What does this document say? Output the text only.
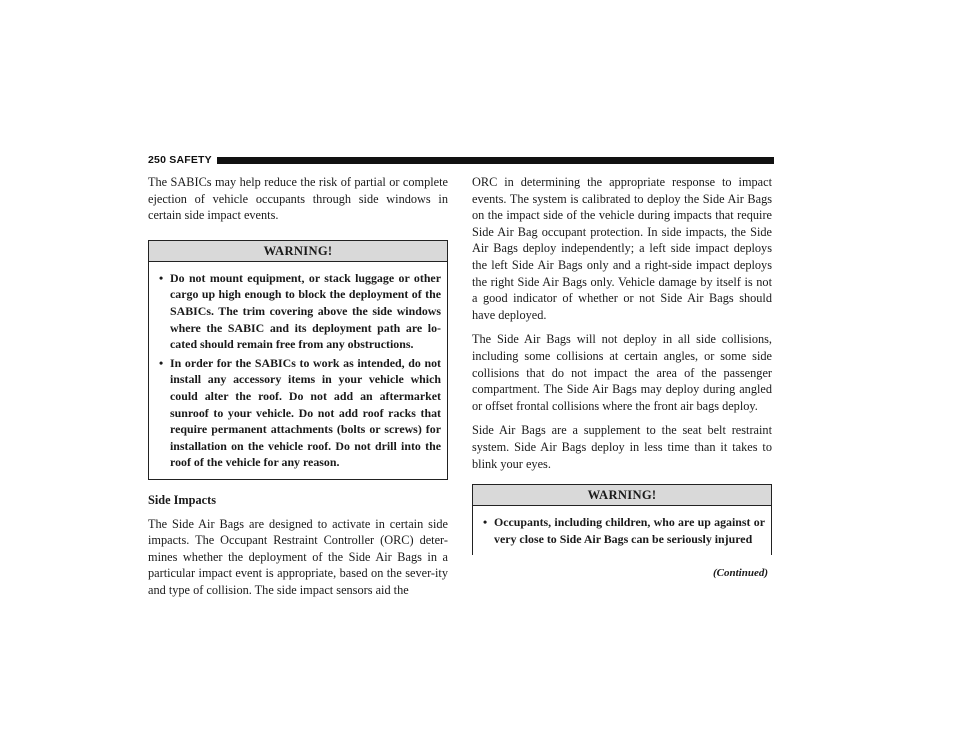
250 SAFETY

The SABICs may help reduce the risk of partial or complete ejection of vehicle occupants through side windows in certain side impact events.

WARNING!
• Do not mount equipment, or stack luggage or other cargo up high enough to block the deployment of the SABICs. The trim covering above the side windows where the SABIC and its deployment path are lo-cated should remain free from any obstructions.
• In order for the SABICs to work as intended, do not install any accessory items in your vehicle which could alter the roof. Do not add an aftermarket sunroof to your vehicle. Do not add roof racks that require permanent attachments (bolts or screws) for installation on the vehicle roof. Do not drill into the roof of the vehicle for any reason.
Side Impacts

The Side Air Bags are designed to activate in certain side impacts. The Occupant Restraint Controller (ORC) deter-mines whether the deployment of the Side Air Bags in a particular impact event is appropriate, based on the sever-ity and type of collision. The side impact sensors aid the

ORC in determining the appropriate response to impact events. The system is calibrated to deploy the Side Air Bags on the impact side of the vehicle during impacts that require Side Air Bag occupant protection. In side impacts, the Side Air Bags deploy independently; a left side impact deploys the left Side Air Bags only and a right-side impact deploys the right Side Air Bags only. Vehicle damage by itself is not a good indicator of whether or not Side Air Bags should have deployed.

The Side Air Bags will not deploy in all side collisions, including some collisions at certain angles, or some side collisions that do not impact the area of the passenger compartment. The Side Air Bags may deploy during angled or offset frontal collisions where the front air bags deploy.

Side Air Bags are a supplement to the seat belt restraint system. Side Air Bags deploy in less time than it takes to blink your eyes.

WARNING!
• Occupants, including children, who are up against or very close to Side Air Bags can be seriously injured
(Continued)
